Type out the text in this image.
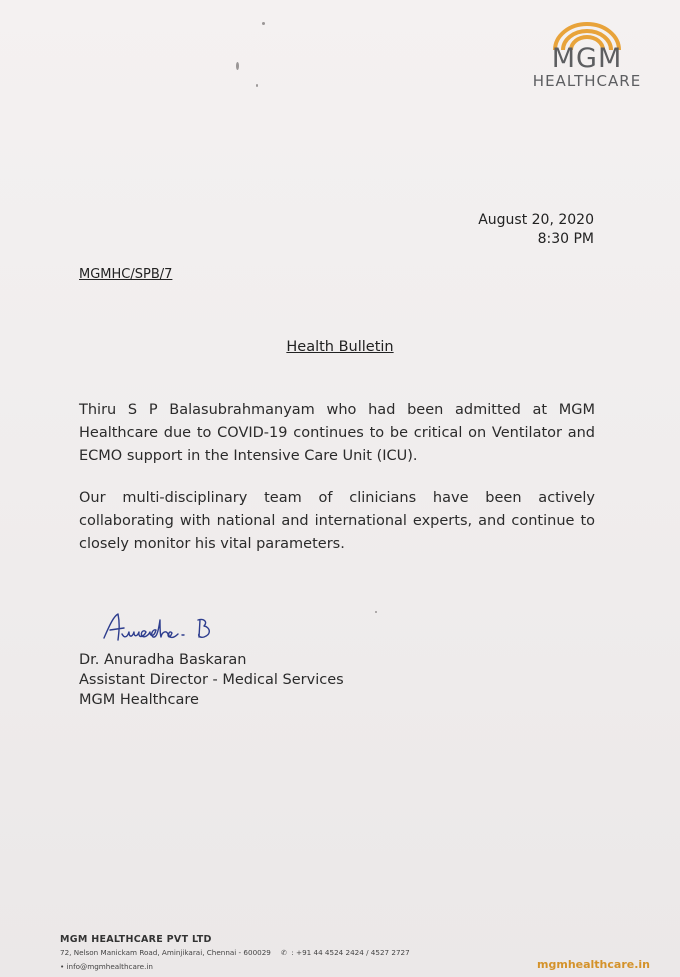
MGM
HEALTHCARE
August 20, 2020
8:30 PM
MGMHC/SPB/7
Health Bulletin
Thiru S P Balasubrahmanyam who had been admitted at MGM Healthcare due to COVID-19 continues to be critical on Ventilator and ECMO support in the Intensive Care Unit (ICU).
Our multi-disciplinary team of clinicians have been actively collaborating with national and international experts, and continue to closely monitor his vital parameters.
Dr. Anuradha Baskaran
Assistant Director - Medical Services
MGM Healthcare
MGM HEALTHCARE PVT LTD
72, Nelson Manickam Road, Aminjikarai, Chennai - 600029 ✆ : +91 44 4524 2424 / 4527 2727
• info@mgmhealthcare.in	mgmhealthcare.in
